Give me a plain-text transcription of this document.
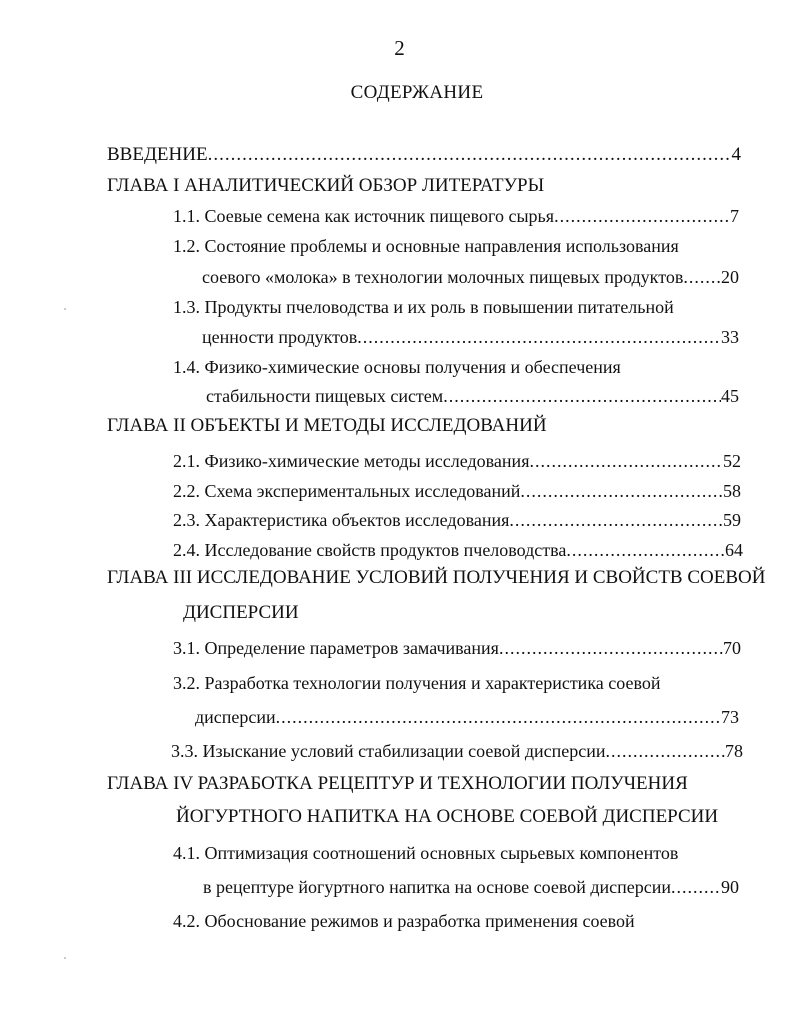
2
СОДЕРЖАНИЕ
ВВЕДЕНИЕ .....	4
ГЛАВА I АНАЛИТИЧЕСКИЙ ОБЗОР ЛИТЕРАТУРЫ
1.1. Соевые семена как источник пищевого сырья .....	7
1.2. Состояние проблемы и основные направления использования
соевого «молока» в технологии молочных пищевых продуктов ..... 20
1.3. Продукты пчеловодства и их роль в повышении питательной
ценности продуктов .....	33
1.4. Физико-химические основы получения и обеспечения
стабильности пищевых систем .....	45
ГЛАВА II ОБЪЕКТЫ И МЕТОДЫ ИССЛЕДОВАНИЙ
2.1. Физико-химические методы исследования .....	52
2.2. Схема экспериментальных исследований .....	58
2.3. Характеристика объектов исследования .....	59
2.4. Исследование свойств продуктов пчеловодства .....	64
ГЛАВА III ИССЛЕДОВАНИЕ УСЛОВИЙ ПОЛУЧЕНИЯ И СВОЙСТВ СОЕВОЙ
ДИСПЕРСИИ
3.1. Определение параметров замачивания .....	70
3.2. Разработка технологии получения и характеристика соевой
дисперсии .....	73
3.3. Изыскание условий стабилизации соевой дисперсии .....	78
ГЛАВА IV РАЗРАБОТКА РЕЦЕПТУР И ТЕХНОЛОГИИ ПОЛУЧЕНИЯ
ЙОГУРТНОГО НАПИТКА НА ОСНОВЕ СОЕВОЙ ДИСПЕРСИИ
4.1. Оптимизация соотношений основных сырьевых компонентов
в рецептуре йогуртного напитка на основе соевой дисперсии .....	90
4.2. Обоснование режимов и разработка применения соевой
